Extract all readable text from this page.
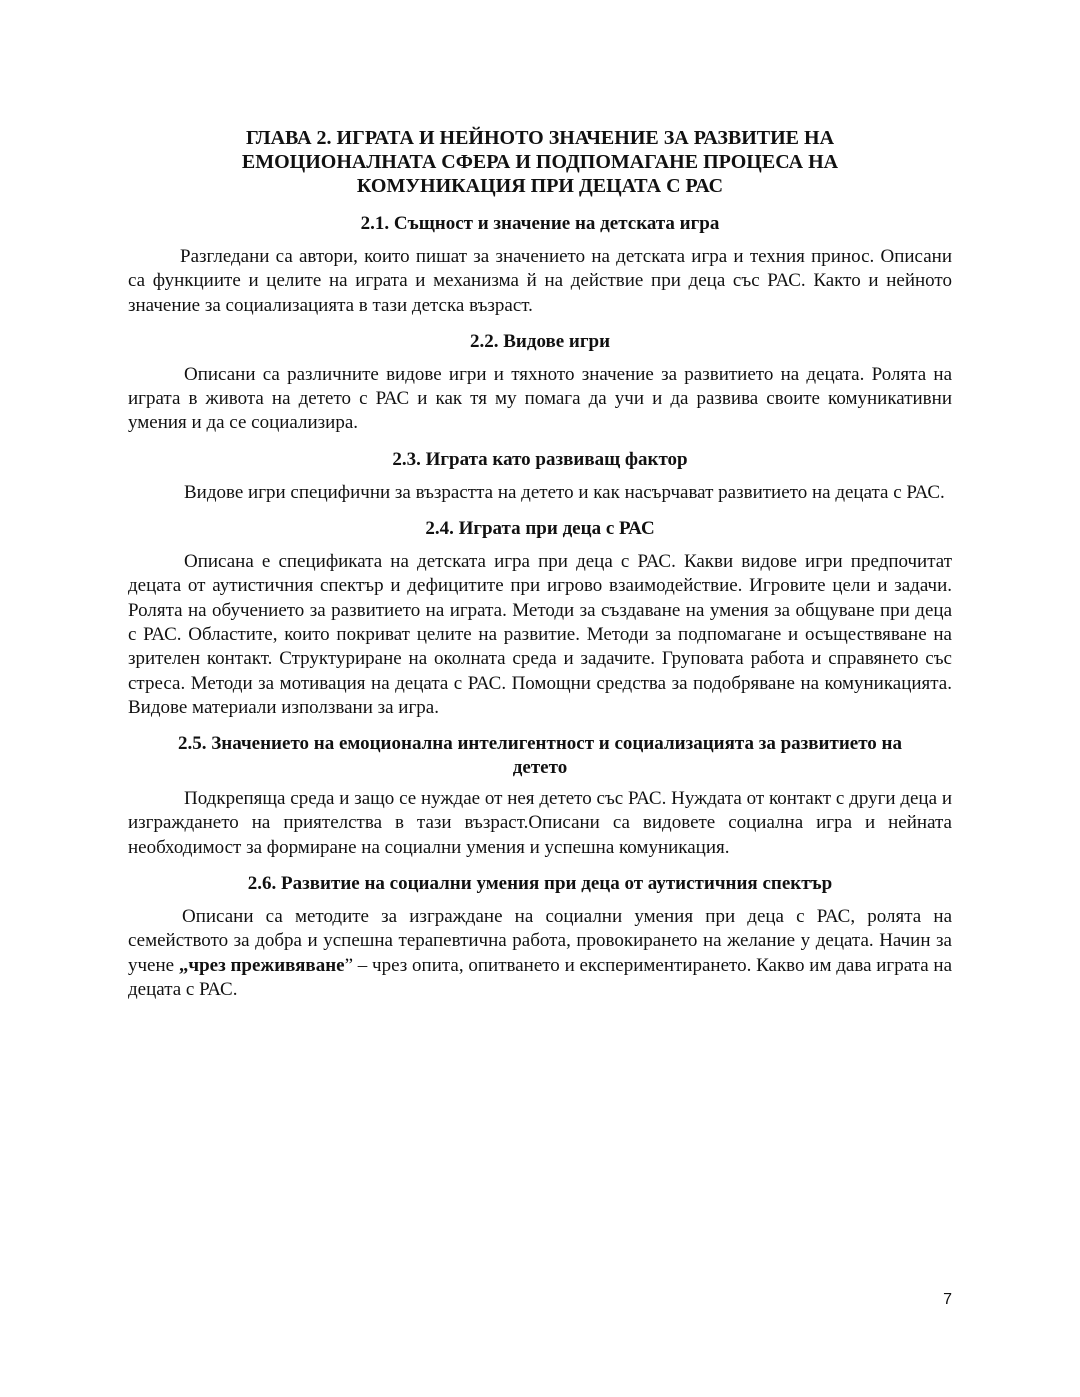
ГЛАВА 2. ИГРАТА И НЕЙНОТО ЗНАЧЕНИЕ ЗА РАЗВИТИЕ НА ЕМОЦИОНАЛНАТА СФЕРА И ПОДПОМАГАНЕ ПРОЦЕСА НА КОМУНИКАЦИЯ ПРИ ДЕЦАТА С РАС
2.1. Същност и значение на детската игра

Разгледани са автори, които пишат за значението на детската игра и техния принос. Описани са функциите и целите на играта и механизма й на действие при деца със РАС. Както и нейното значение за социализацията в тази детска възраст.

2.2. Видове игри

Описани са различните видове игри и тяхното значение за развитието на децата. Ролята на играта в живота на детето с РАС и как тя му помага да учи и да развива своите комуникативни умения и да се социализира.

2.3. Играта като развиващ фактор

Видове игри специфични за възрастта на детето и как насърчават развитието на децата с РАС.

2.4. Играта при деца с РАС

Описана е спецификата на детската игра при деца с РАС. Какви видове игри предпочитат децата от аутистичния спектър и дефицитите при игрово взаимодействие. Игровите цели и задачи. Ролята на обучението за развитието на играта. Методи за създаване на умения за общуване при деца с РАС. Областите, които покриват целите на развитие. Методи за подпомагане и осъществяване на зрителен контакт. Структуриране на околната среда и задачите. Груповата работа и справянето със стреса. Методи за мотивация на децата с РАС. Помощни средства за подобряване на комуникацията. Видове материали използвани за игра.

2.5. Значението на емоционална интелигентност и социализацията за развитието на детето

Подкрепяща среда и защо се нуждае от нея детето със РАС. Нуждата от контакт с други деца и изграждането на приятелства в тази възраст.Описани са видовете социална игра и нейната необходимост за формиране на социални умения и успешна комуникация.

2.6. Развитие на социални умения при деца от аутистичния спектър

Описани са методите за изграждане на социални умения при деца с РАС, ролята на семейството за добра и успешна терапевтична работа, провокирането на желание у децата. Начин за учене „чрез преживяване” – чрез опита, опитването и експериментирането. Какво им дава играта на децата с РАС.

7
